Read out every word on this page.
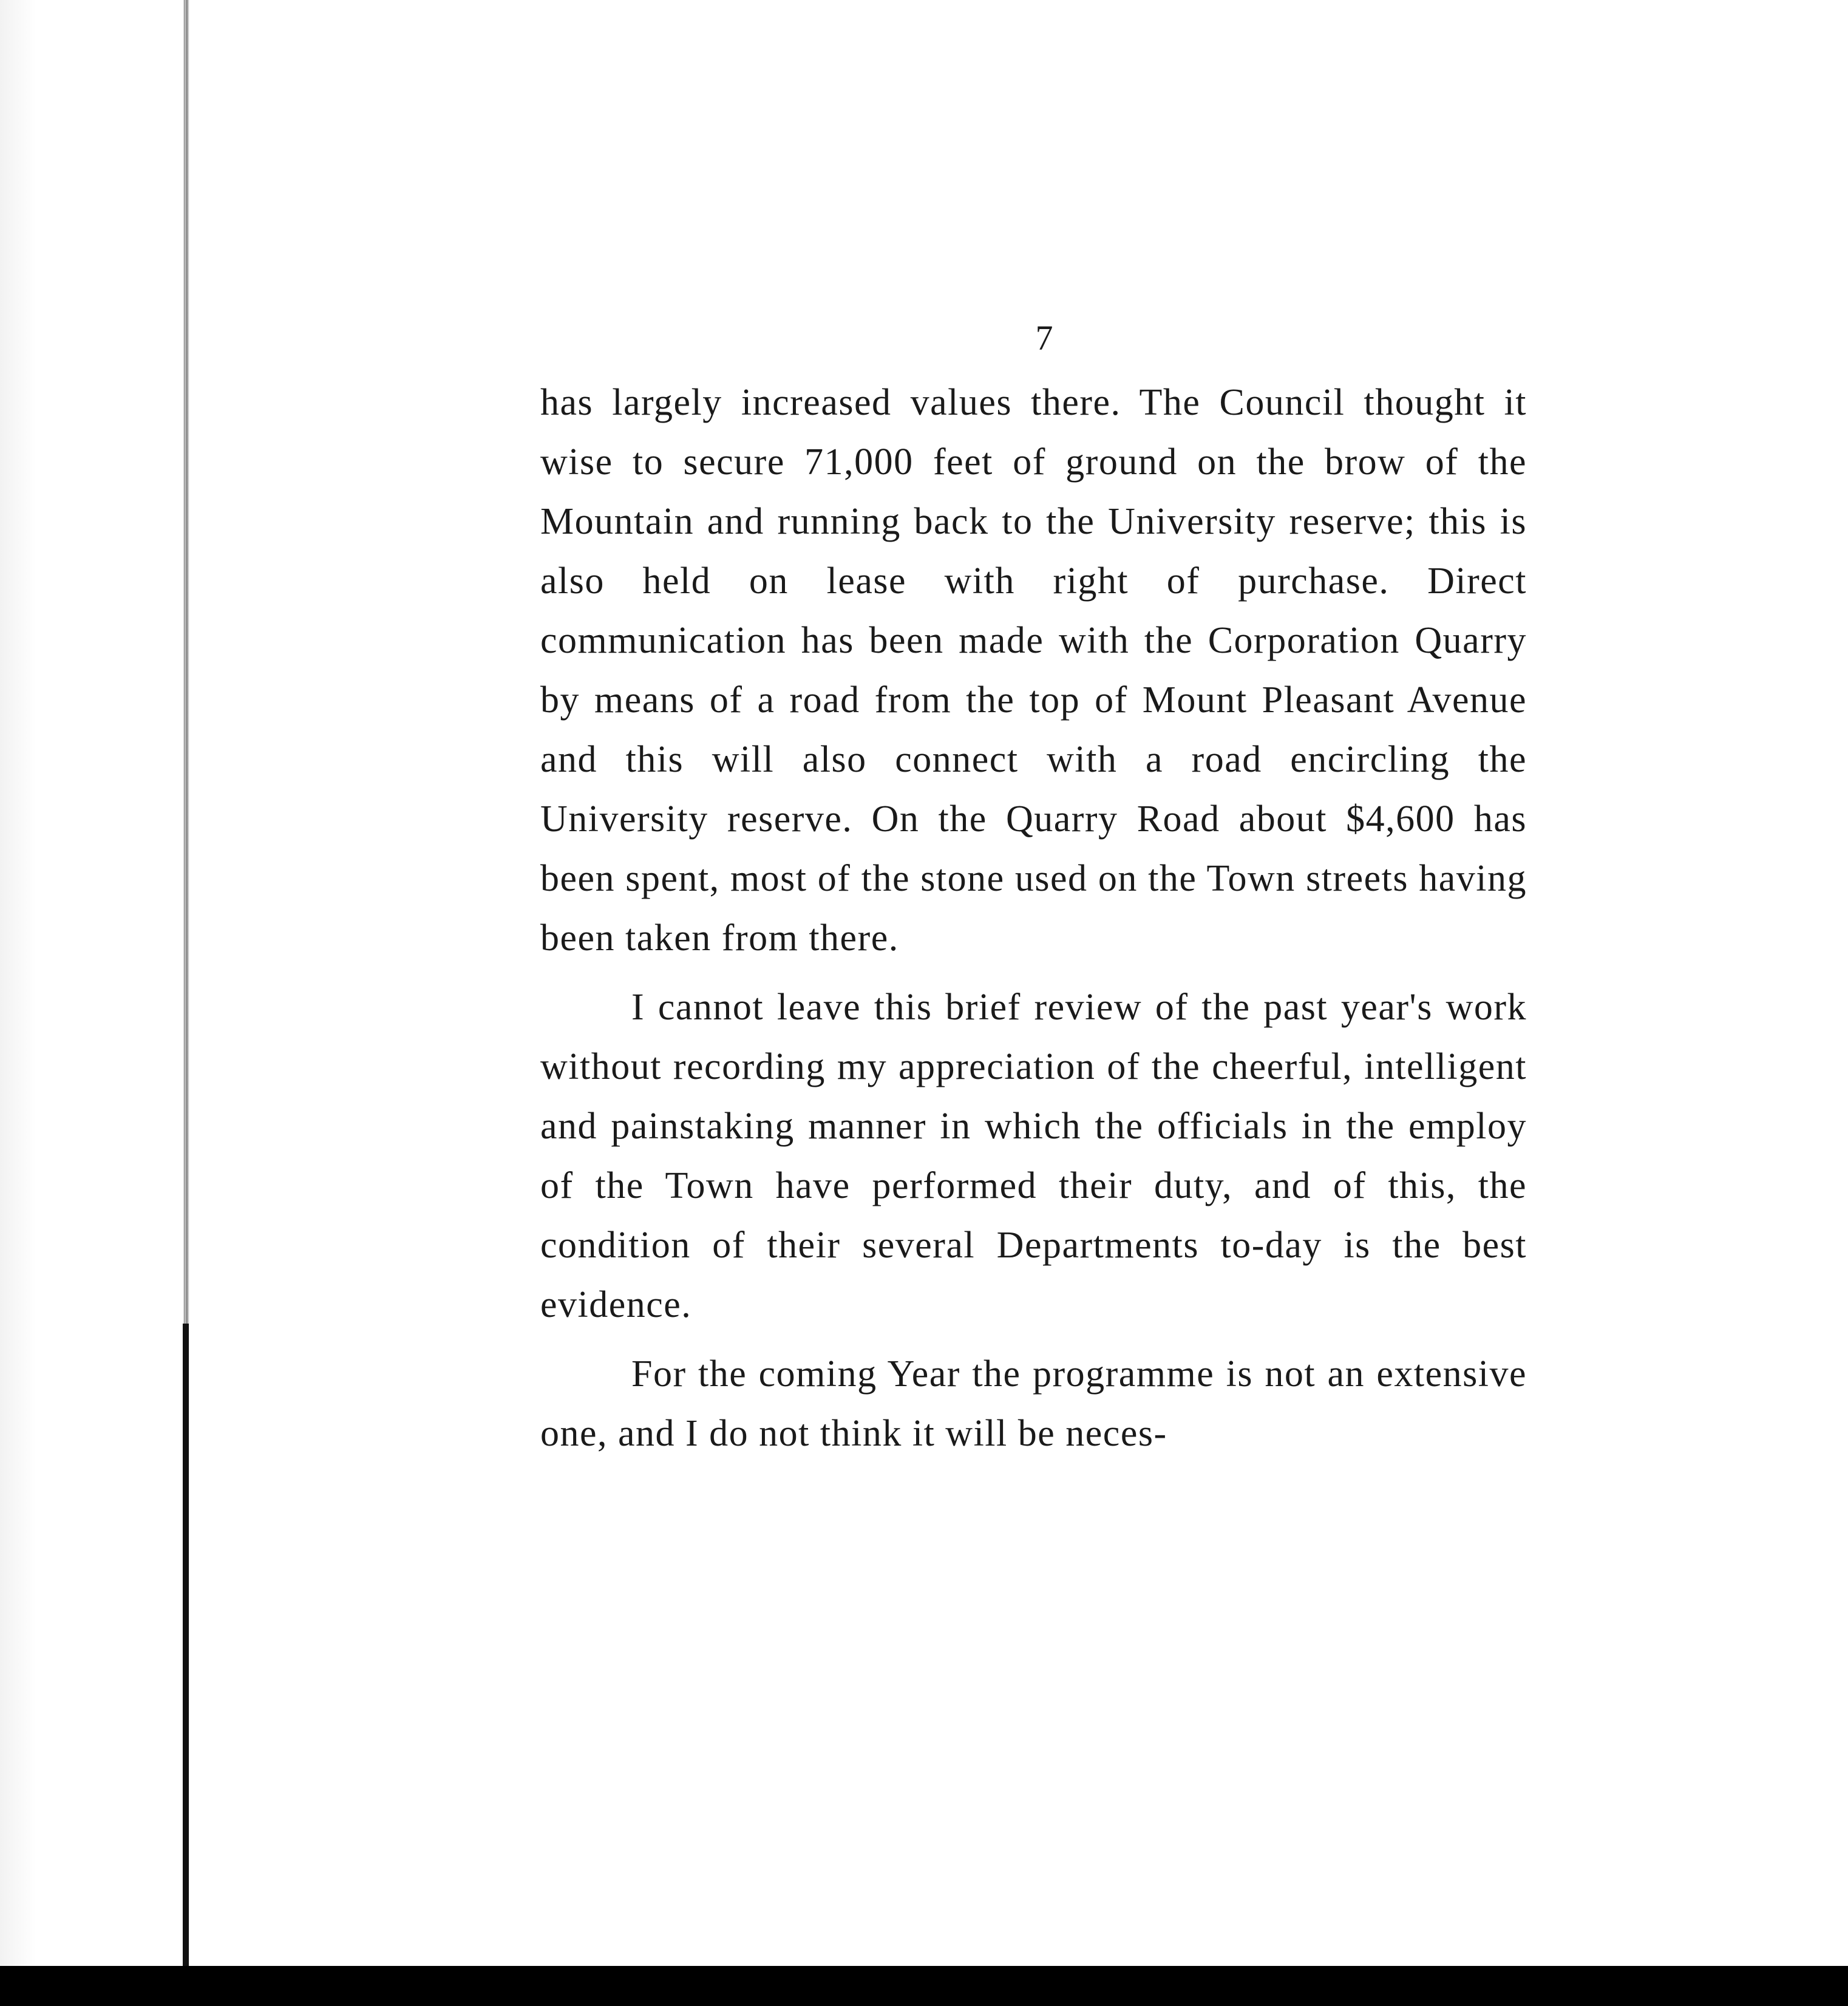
7

has largely increased values there. The Council thought it wise to secure 71,000 feet of ground on the brow of the Mountain and running back to the University reserve; this is also held on lease with right of purchase. Direct communication has been made with the Corporation Quarry by means of a road from the top of Mount Pleasant Avenue and this will also connect with a road encircling the University reserve. On the Quarry Road about $4,600 has been spent, most of the stone used on the Town streets having been taken from there.

I cannot leave this brief review of the past year's work without recording my appreciation of the cheerful, intelligent and painstaking manner in which the officials in the employ of the Town have performed their duty, and of this, the condition of their several Departments to-day is the best evidence.

For the coming Year the programme is not an extensive one, and I do not think it will be neces-
